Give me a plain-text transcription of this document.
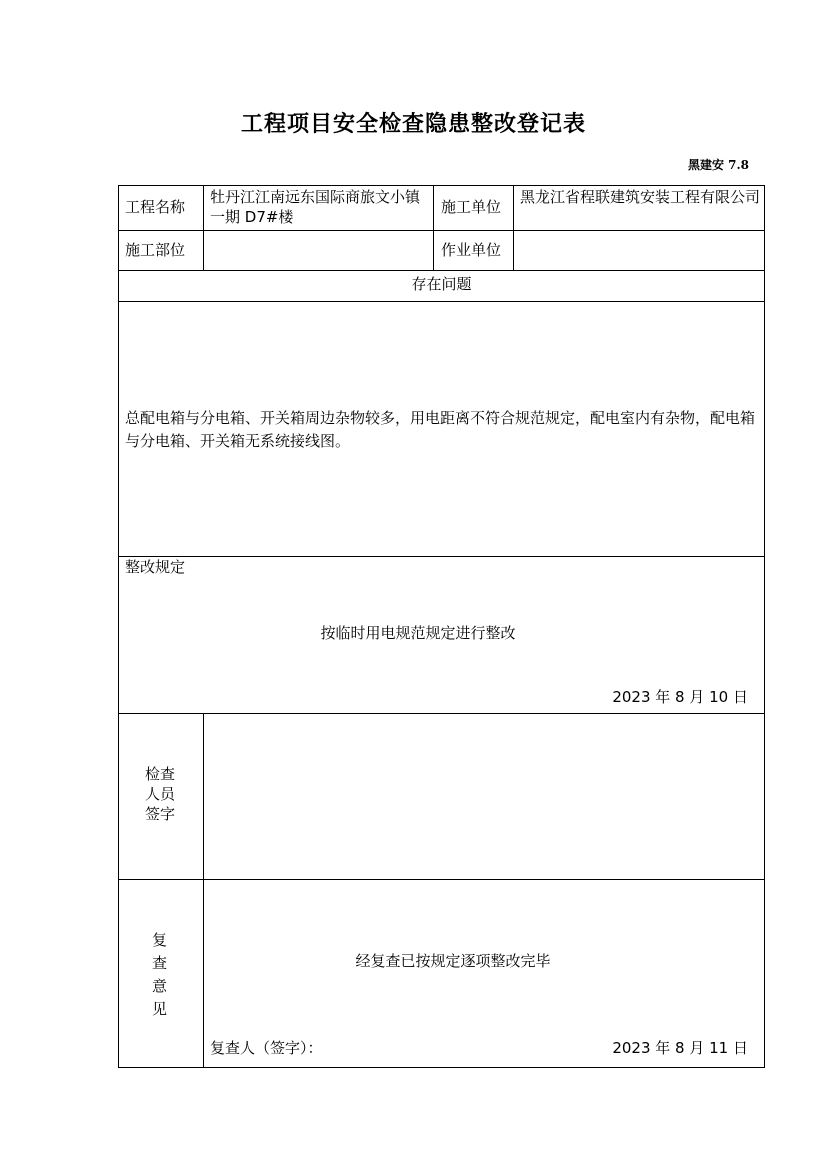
工程项目安全检查隐患整改登记表
黑建安 7.8
工程名称
牡丹江江南远东国际商旅文小镇一期 D7#楼
施工单位
黑龙江省程联建筑安装工程有限公司
施工部位	作业单位
存在问题
总配电箱与分电箱、开关箱周边杂物较多，用电距离不符合规范规定，配电室内有杂物，配电箱与分电箱、开关箱无系统接线图。
整改规定
按临时用电规范规定进行整改
2023 年 8 月 10 日
检查人员签字
复查意见
经复查已按规定逐项整改完毕
复查人（签字）：	2023 年 8 月 11 日
